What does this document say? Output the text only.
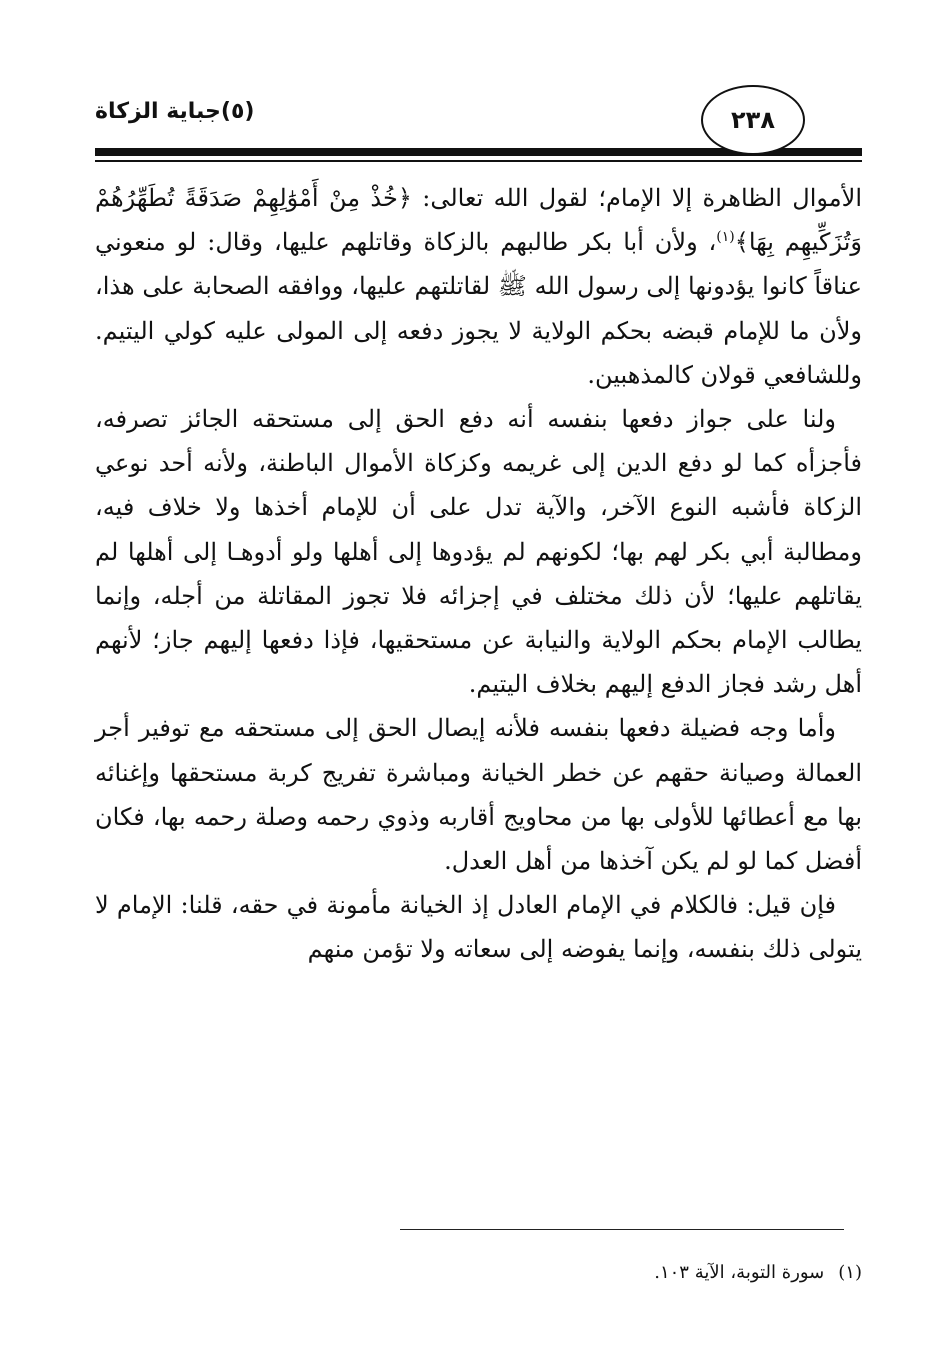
(٥)جباية الزكاة	٢٣٨

الأموال الظاهرة إلا الإمام؛ لقول الله تعالى: ﴿خُذْ مِنْ أَمْوَٰلِهِمْ صَدَقَةً تُطَهِّرُهُمْ وَتُزَكِّيهِم بِهَا﴾$^{(١)}$، ولأن أبا بكر طالبهم بالزكاة وقاتلهم عليها، وقال: لو منعوني عناقاً كانوا يؤدونها إلى رسول الله ﷺ لقاتلتهم عليها، ووافقه الصحابة على هذا، ولأن ما للإمام قبضه بحكم الولاية لا يجوز دفعه إلى المولى عليه كولي اليتيم. وللشافعي قولان كالمذهبين.

ولنا على جواز دفعها بنفسه أنه دفع الحق إلى مستحقه الجائز تصرفه، فأجزأه كما لو دفع الدين إلى غريمه وكزكاة الأموال الباطنة، ولأنه أحد نوعي الزكاة فأشبه النوع الآخر، والآية تدل على أن للإمام أخذها ولا خلاف فيه، ومطالبة أبي بكر لهم بها؛ لكونهم لم يؤدوها إلى أهلها ولو أدوهـا إلى أهلها لم يقاتلهم عليها؛ لأن ذلك مختلف في إجزائه فلا تجوز المقاتلة من أجله، وإنما يطالب الإمام بحكم الولاية والنيابة عن مستحقيها، فإذا دفعها إليهم جاز؛ لأنهم أهل رشد فجاز الدفع إليهم بخلاف اليتيم.

وأما وجه فضيلة دفعها بنفسه فلأنه إيصال الحق إلى مستحقه مع توفير أجر العمالة وصيانة حقهم عن خطر الخيانة ومباشرة تفريج كربة مستحقها وإغنائه بها مع أعطائها للأولى بها من محاويج أقاربه وذوي رحمه وصلة رحمه بها، فكان أفضل كما لو لم يكن آخذها من أهل العدل.

فإن قيل: فالكلام في الإمام العادل إذ الخيانة مأمونة في حقه، قلنا: الإمام لا يتولى ذلك بنفسه، وإنما يفوضه إلى سعاته ولا تؤمن منهم

(١)سورة التوبة، الآية ١٠٣.
